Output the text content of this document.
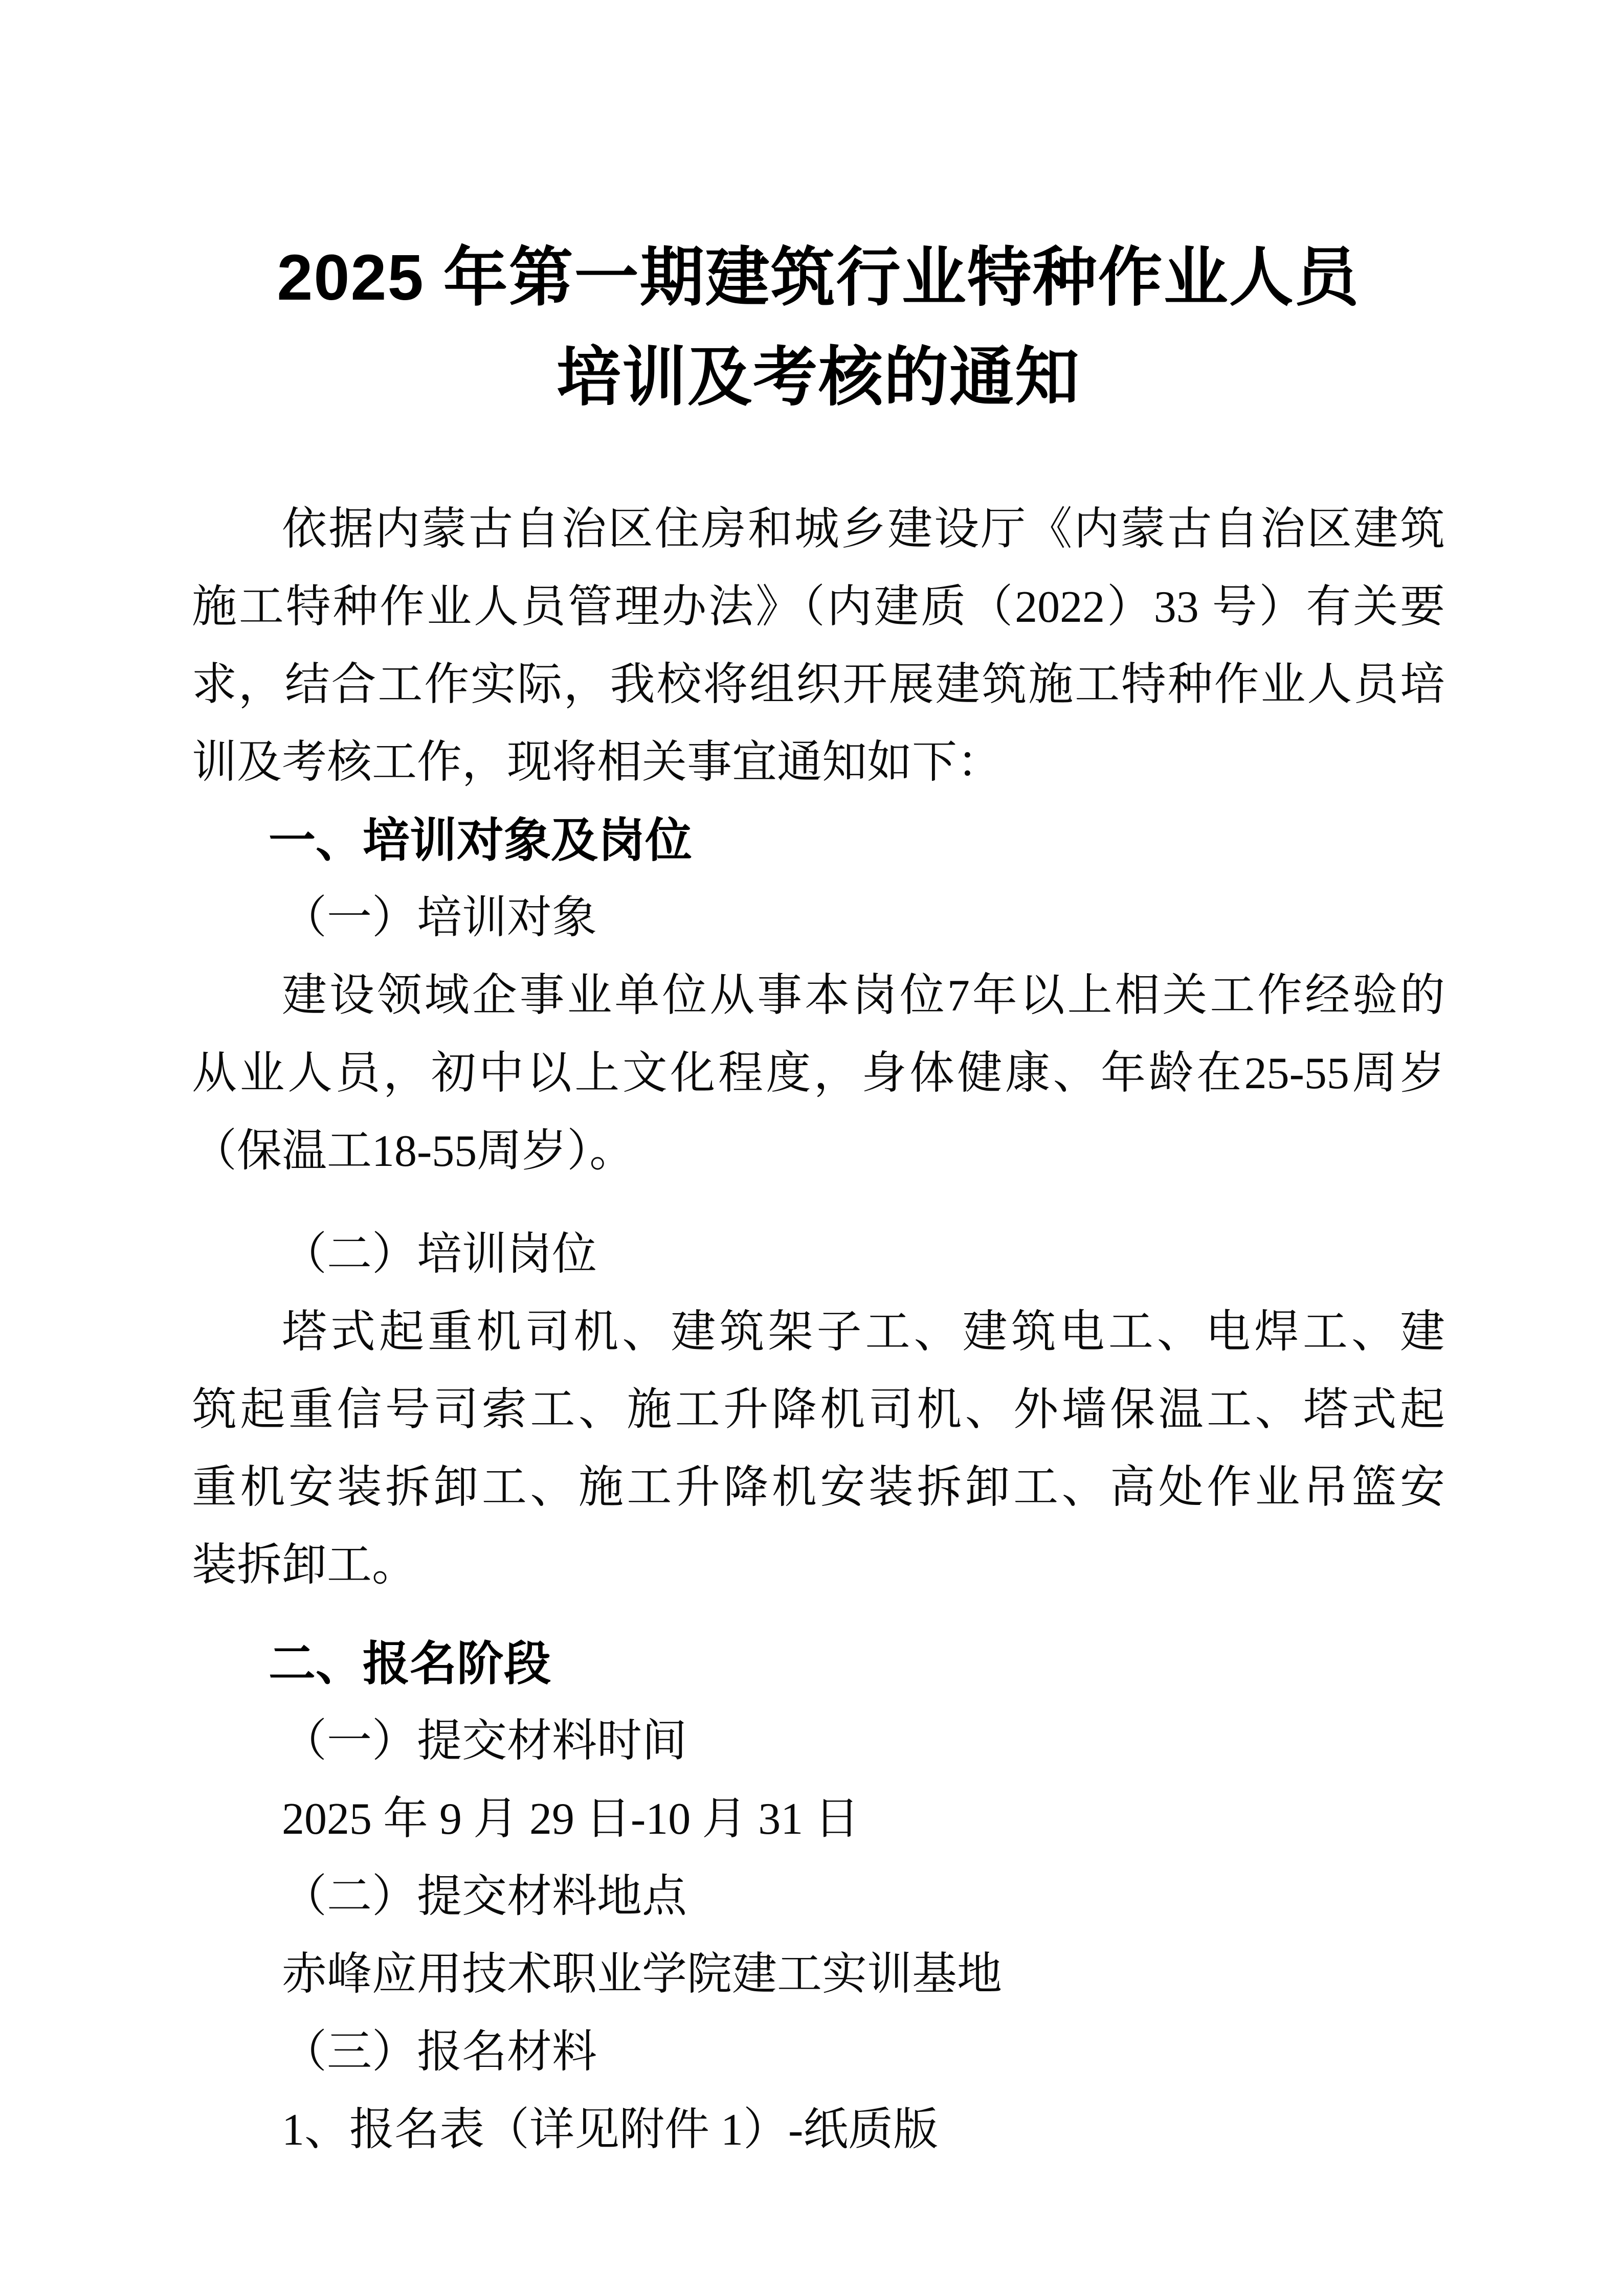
2025 年第一期建筑行业特种作业人员
培训及考核的通知
依据内蒙古自治区住房和城乡建设厅《内蒙古自治区建筑
施工特种作业人员管理办法》（内建质（2022）33 号）有关要
求，结合工作实际，我校将组织开展建筑施工特种作业人员培
训及考核工作，现将相关事宜通知如下：
一、培训对象及岗位
（一）培训对象
建设领域企事业单位从事本岗位7年以上相关工作经验的
从业人员，初中以上文化程度，身体健康、年龄在25-55周岁
（保温工18-55周岁）。
（二）培训岗位
塔式起重机司机、建筑架子工、建筑电工、电焊工、建
筑起重信号司索工、施工升降机司机、外墙保温工、塔式起
重机安装拆卸工、施工升降机安装拆卸工、高处作业吊篮安
装拆卸工。
二、报名阶段
（一）提交材料时间
2025 年 9 月 29 日-10 月 31 日
（二）提交材料地点
赤峰应用技术职业学院建工实训基地
（三）报名材料
1、报名表（详见附件 1）-纸质版
